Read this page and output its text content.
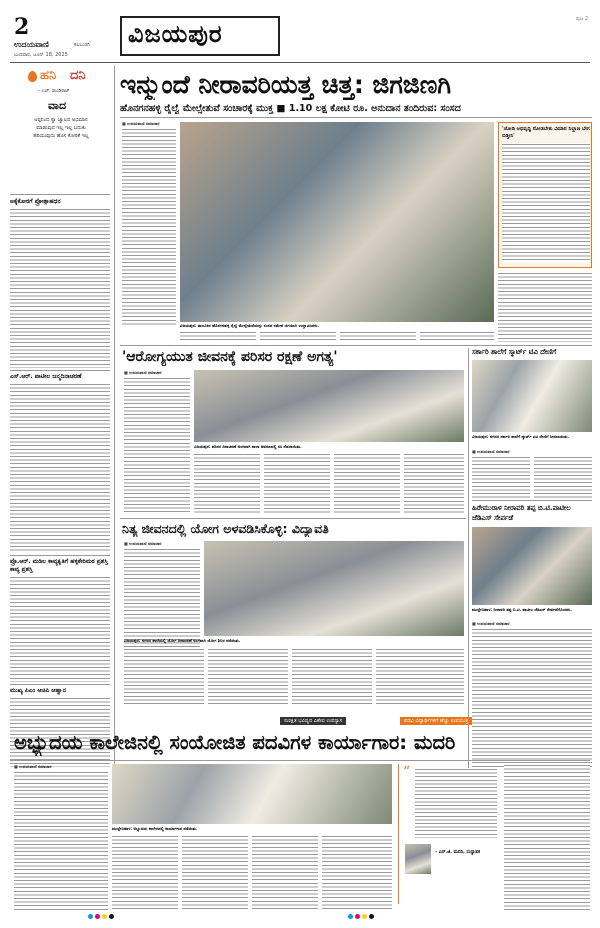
2
ಉದಯವಾಣಿ	ಕಲಬುರಗಿ
ಬುಧವಾರ, ಜೂನ್ 18, 2025
ವಿಜಯಪುರ
ಪುಟ 2
ಹನಿ ದನಿ
– ಎಚ್. ಡುಂಡಿರಾಜ್
ವಾದ
ಅಪ್ಪನಿಂದ ಸ್ವಾ ಜ್ವಾಲದ ಅಭಿಮಾನ ಮಾಡುವುದ ಇಲ್ಲ ಇಲ್ಲ ಬದುಕು ಹರಿಯುವುದು ಹೊಸ ಕೋರಿಕೆ ಇಲ್ಲ
ಅಕ್ಕೆಕೋರಗೆ ಪ್ರೋತ್ಸಾಹಧನ
ಎಸ್.ಆರ್. ಪಾಟೀಲ ಜನ್ಮದಿನಾಚರಣೆ
ಪ್ರೊ.ಆರ್. ಮಡಿಲ ಕಾವ್ಯಕೃತಿಗೆ ಹಳ್ಳಿಕೇರಿಮಠ ಪ್ರಶಸ್ತಿ ಕಾವ್ಯ ಪ್ರಶಸ್ತಿ
ಮುಖ್ಯ ಪಿಎಂ ಆಚಿಪಿ ಆಹ್ವಾನ
ಇನ್ಮುಂದೆ ನೀರಾವರಿಯತ್ತ ಚಿತ್ತ: ಜಿಗಜಿಣಗಿ
ಹೊನಗನಹಳ್ಳಿ ರೈಲ್ವೆ ಮೇಲ್ಸೇತುವೆ ಸಂಚಾರಕ್ಕೆ ಮುಕ್ತ ■ 1.10 ಲಕ್ಷ ಕೋಟಿ ರೂ. ಅನುದಾನ ತಂದಿರುವ: ಸಂಸದ
■ ಉದಯವಾಣಿ ಸಮಾಚಾರ
ವಿಜಯಪುರ: ತಾಲೂಕಿನ ಹೊನಗನಹಳ್ಳಿ ರೈಲ್ವೆ ಮೇಲ್ಸೇತುವೆಯನ್ನು ಸಂಸದ ರಮೇಶ ಜಿಗಜಿಣಗಿ ಉದ್ಘಾಟಿಸಿದರು.
'ಜೋಡಿ ಅಭಿವೃದ್ಧಿ ನೋಡಬೇಕು ವಿಮಾನ ನಿಲ್ದಾಣ ಬೇಗ ಬಿಡ್ತೀನಿ'
'ಆರೋಗ್ಯಯುತ ಜೀವನಕ್ಕೆ ಪರಿಸರ ರಕ್ಷಣೆ ಅಗತ್ಯ'
■ ಉದಯವಾಣಿ ಸಮಾಚಾರ
ವಿಜಯಪುರ: ಪರಿಸರ ದಿನಾಚರಣೆ ಅಂಗವಾಗಿ ಶಾಲಾ ಆವರಣದಲ್ಲಿ ಸಸಿ ನೆಡಲಾಯಿತು.
ಸರ್ಕಾರಿ ಶಾಲೆಗೆ ಸ್ಮಾರ್ಟ್ ಟಿವಿ ದೇಣಿಗೆ
ವಿಜಯಪುರ: ನಗರದ ಸರ್ಕಾರಿ ಶಾಲೆಗೆ ಸ್ಮಾರ್ಟ್ ಟಿವಿ ದೇಣಿಗೆ ನೀಡಲಾಯಿತು.
■ ಉದಯವಾಣಿ ಸಮಾಚಾರ
ಹಿರೇಮುರಾಳ ನೀರಾವರಿ ತಪ್ಪ ಬಿ.ಟಿ.ಪಾಟೀಲ ಜೆಡಿಎಸ್ ಸೇರ್ಪಡೆ
ಮುದ್ದೇಬಿಹಾಳ: ನೀರಾವರಿ ತಪ್ಪ ಬಿ.ಟಿ. ಪಾಟೀಲ ಜೆಡಿಎಸ್ ಸೇರ್ಪಡೆಗೊಂಡರು.
■ ಉದಯವಾಣಿ ಸಮಾಚಾರ
ನಿತ್ಯ ಜೀವನದಲ್ಲಿ ಯೋಗ ಅಳವಡಿಸಿಕೊಳ್ಳಿ: ವಿದ್ಯಾವತಿ
■ ಉದಯವಾಣಿ ಸಮಾಚಾರ
ವಿಜಯಪುರ: ನಗರದ ಶಾಲೆಯಲ್ಲಿ ಯೋಗ ದಿನಾಚರಣೆ ಅಂಗವಾಗಿ ಯೋಗ ಶಿಬಿರ ನಡೆಯಿತು.
ಸುರಕ್ಷಿತ ಭವಿಷ್ಯದ ವಿಶೇಷ ಉಪನ್ಯಾಸ	ಪದವಿ ವಿದ್ಯಾರ್ಥಿಗಳಿಗೆ ಹೆಚ್ಚು ಉಪಯುಕ್ತ
ಅಭ್ಯುದಯ ಕಾಲೇಜಿನಲ್ಲಿ ಸಂಯೋಜಿತ ಪದವಿಗಳ ಕಾರ್ಯಾಗಾರ: ಮದರಿ
■ ಉದಯವಾಣಿ ಸಮಾಚಾರ
ಮುದ್ದೇಬಿಹಾಳ: ಅಭ್ಯುದಯ ಕಾಲೇಜಿನಲ್ಲಿ ಕಾರ್ಯಾಗಾರ ನಡೆಯಿತು.
“
– ಎಸ್.ಜಿ. ಮದರಿ, ಸಂಸ್ಥಾಪಕ
